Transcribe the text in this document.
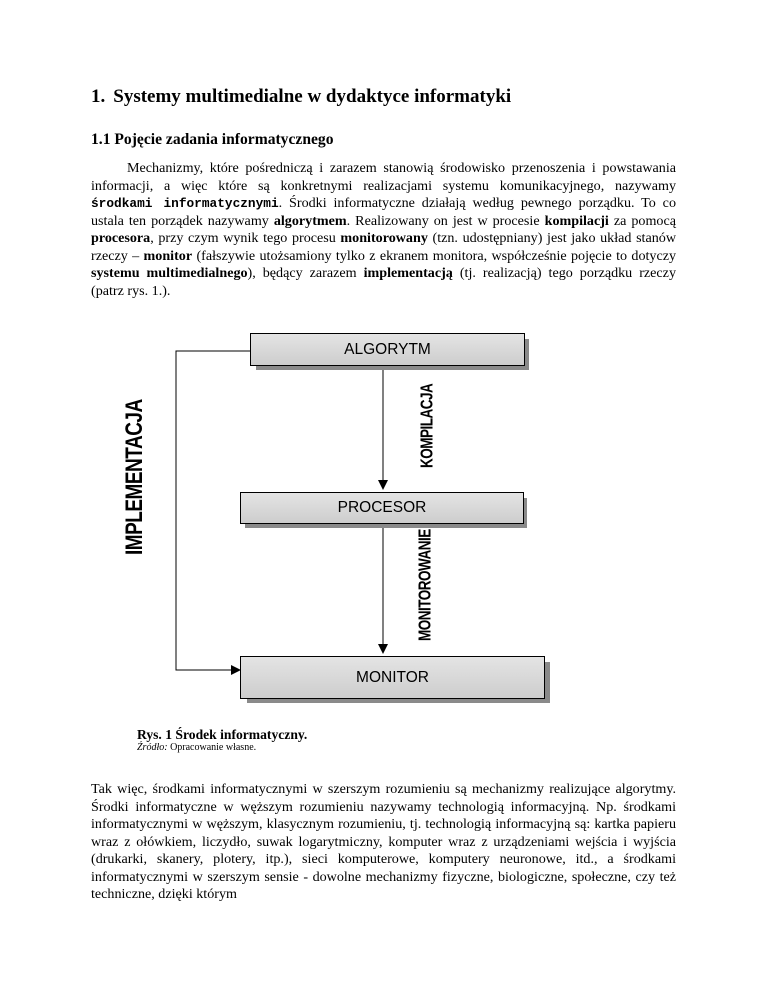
1. Systemy multimedialne w dydaktyce informatyki
1.1 Pojęcie zadania informatycznego

Mechanizmy, które pośredniczą i zarazem stanowią środowisko przenoszenia i powstawania informacji, a więc które są konkretnymi realizacjami systemu komunikacyjnego, nazywamy środkami informatycznymi. Środki informatyczne działają według pewnego porządku. To co ustala ten porządek nazywamy algorytmem. Realizowany on jest w procesie kompilacji za pomocą procesora, przy czym wynik tego procesu monitorowany (tzn. udostępniany) jest jako układ stanów rzeczy – monitor (fałszywie utożsamiony tylko z ekranem monitora, współcześnie pojęcie to dotyczy systemu multimedialnego), będący zarazem implementacją (tj. realizacją) tego porządku rzeczy (patrz rys. 1.).

ALGORYTM
PROCESOR
MONITOR
IMPLEMENTACJA	KOMPILACJA
MONITOROWANIE
Rys. 1 Środek informatyczny.
Źródło: Opracowanie własne.

Tak więc, środkami informatycznymi w szerszym rozumieniu są mechanizmy realizujące algorytmy. Środki informatyczne w węższym rozumieniu nazywamy technologią informacyjną. Np. środkami informatycznymi w węższym, klasycznym rozumieniu, tj. technologią informacyjną są: kartka papieru wraz z ołówkiem, liczydło, suwak logarytmiczny, komputer wraz z urządzeniami wejścia i wyjścia (drukarki, skanery, plotery, itp.), sieci komputerowe, komputery neuronowe, itd., a środkami informatycznymi w szerszym sensie - dowolne mechanizmy fizyczne, biologiczne, społeczne, czy też techniczne, dzięki którym
